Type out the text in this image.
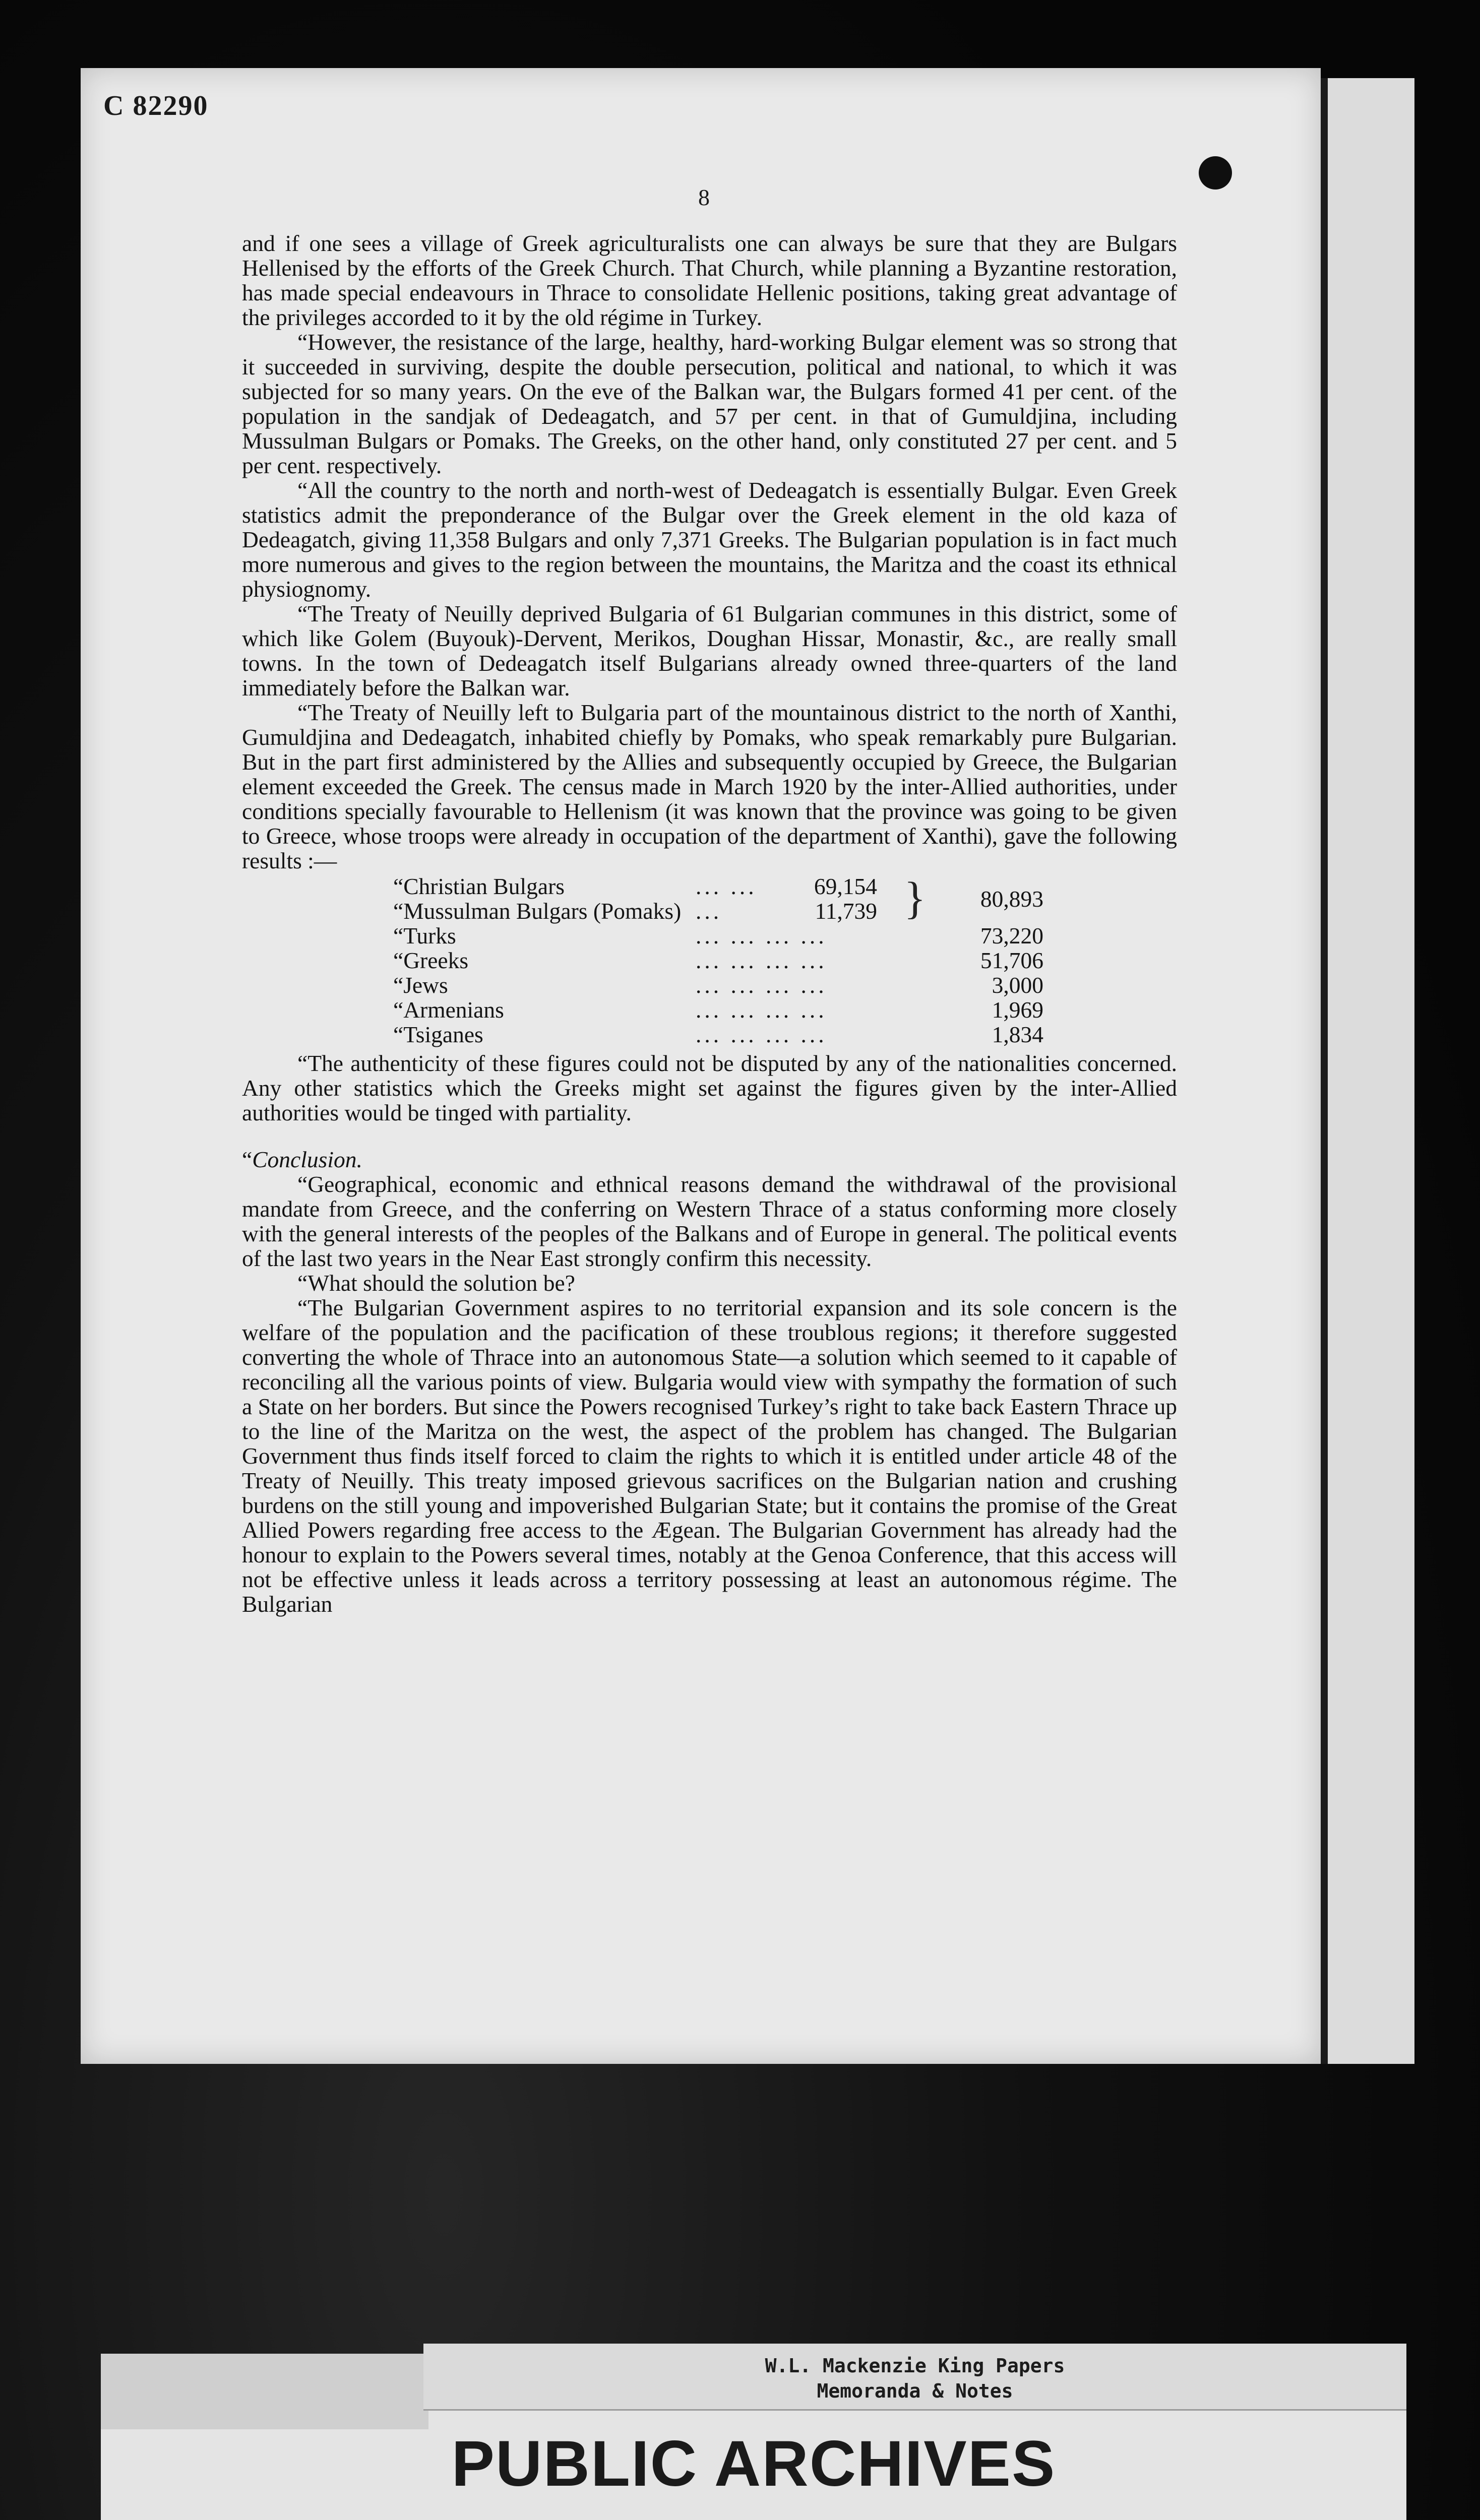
C 82290

8

and if one sees a village of Greek agriculturalists one can always be sure that they are Bulgars Hellenised by the efforts of the Greek Church. That Church, while planning a Byzantine restoration, has made special endeavours in Thrace to consolidate Hellenic positions, taking great advantage of the privileges accorded to it by the old régime in Turkey.

“However, the resistance of the large, healthy, hard-working Bulgar element was so strong that it succeeded in surviving, despite the double persecution, political and national, to which it was subjected for so many years. On the eve of the Balkan war, the Bulgars formed 41 per cent. of the population in the sandjak of Dedeagatch, and 57 per cent. in that of Gumuldjina, including Mussulman Bulgars or Pomaks. The Greeks, on the other hand, only constituted 27 per cent. and 5 per cent. respectively.

“All the country to the north and north-west of Dedeagatch is essentially Bulgar. Even Greek statistics admit the preponderance of the Bulgar over the Greek element in the old kaza of Dedeagatch, giving 11,358 Bulgars and only 7,371 Greeks. The Bulgarian population is in fact much more numerous and gives to the region between the mountains, the Maritza and the coast its ethnical physiognomy.

“The Treaty of Neuilly deprived Bulgaria of 61 Bulgarian communes in this district, some of which like Golem (Buyouk)-Dervent, Merikos, Doughan Hissar, Monastir, &c., are really small towns. In the town of Dedeagatch itself Bulgarians already owned three-quarters of the land immediately before the Balkan war.

“The Treaty of Neuilly left to Bulgaria part of the mountainous district to the north of Xanthi, Gumuldjina and Dedeagatch, inhabited chiefly by Pomaks, who speak remarkably pure Bulgarian. But in the part first administered by the Allies and subsequently occupied by Greece, the Bulgarian element exceeded the Greek. The census made in March 1920 by the inter-Allied authorities, under conditions specially favourable to Hellenism (it was known that the province was going to be given to Greece, whose troops were already in occupation of the department of Xanthi), gave the following results :—

“Christian Bulgars	... ...	69,154	}	80,893
“Mussulman Bulgars (Pomaks)	...	11,739		
“Turks	... ... ... ...			73,220
“Greeks	... ... ... ...			51,706
“Jews	... ... ... ...			3,000
“Armenians	... ... ... ...			1,969
“Tsiganes	... ... ... ...			1,834

“The authenticity of these figures could not be disputed by any of the nationalities concerned. Any other statistics which the Greeks might set against the figures given by the inter-Allied authorities would be tinged with partiality.

“Conclusion.

“Geographical, economic and ethnical reasons demand the withdrawal of the provisional mandate from Greece, and the conferring on Western Thrace of a status conforming more closely with the general interests of the peoples of the Balkans and of Europe in general. The political events of the last two years in the Near East strongly confirm this necessity.

“What should the solution be?

“The Bulgarian Government aspires to no territorial expansion and its sole concern is the welfare of the population and the pacification of these troublous regions; it therefore suggested converting the whole of Thrace into an autonomous State—a solution which seemed to it capable of reconciling all the various points of view. Bulgaria would view with sympathy the formation of such a State on her borders. But since the Powers recognised Turkey’s right to take back Eastern Thrace up to the line of the Maritza on the west, the aspect of the problem has changed. The Bulgarian Government thus finds itself forced to claim the rights to which it is entitled under article 48 of the Treaty of Neuilly. This treaty imposed grievous sacrifices on the Bulgarian nation and crushing burdens on the still young and impoverished Bulgarian State; but it contains the promise of the Great Allied Powers regarding free access to the Ægean. The Bulgarian Government has already had the honour to explain to the Powers several times, notably at the Genoa Conference, that this access will not be effective unless it leads across a territory possessing at least an autonomous régime. The Bulgarian

W.L. Mackenzie King Papers

Memoranda & Notes

PUBLIC ARCHIVES
